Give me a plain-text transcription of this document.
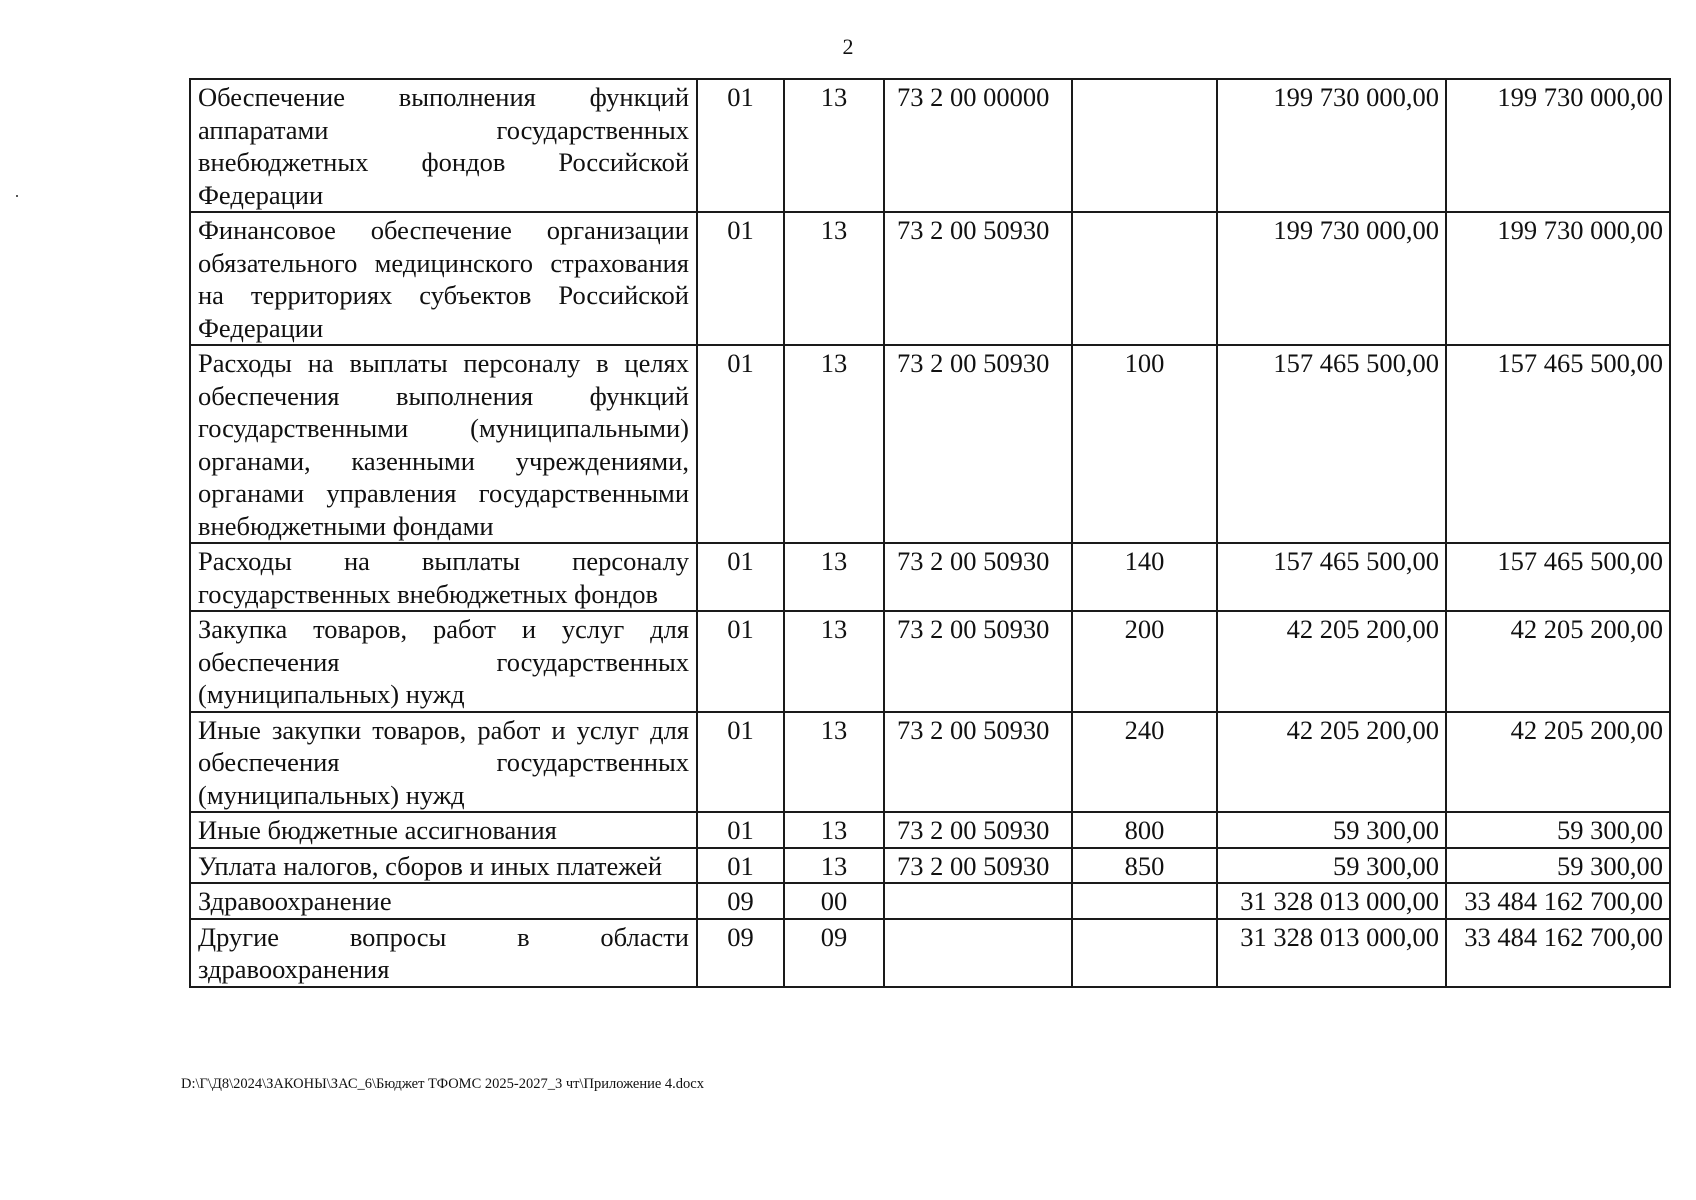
2
Обеспечение выполнения функций аппаратами государственных внебюджетных фондов Российской Федерации	01	13	73 2 00 00000		199 730 000,00	199 730 000,00
Финансовое обеспечение организации обязательного медицинского страхования на территориях субъектов Российской Федерации	01	13	73 2 00 50930		199 730 000,00	199 730 000,00
Расходы на выплаты персоналу в целях обеспечения выполнения функций государственными (муниципальными) органами, казенными учреждениями, органами управления государственными внебюджетными фондами	01	13	73 2 00 50930	100	157 465 500,00	157 465 500,00
Расходы на выплаты персоналу государственных внебюджетных фондов	01	13	73 2 00 50930	140	157 465 500,00	157 465 500,00
Закупка товаров, работ и услуг для обеспечения государственных (муниципальных) нужд	01	13	73 2 00 50930	200	42 205 200,00	42 205 200,00
Иные закупки товаров, работ и услуг для обеспечения государственных (муниципальных) нужд	01	13	73 2 00 50930	240	42 205 200,00	42 205 200,00
Иные бюджетные ассигнования	01	13	73 2 00 50930	800	59 300,00	59 300,00
Уплата налогов, сборов и иных платежей	01	13	73 2 00 50930	850	59 300,00	59 300,00
Здравоохранение	09	00			31 328 013 000,00	33 484 162 700,00
Другие вопросы в области здравоохранения	09	09			31 328 013 000,00	33 484 162 700,00
D:\Г\Д8\2024\ЗАКОНЫ\ЗАС_6\Бюджет ТФОМС 2025-2027_3 чт\Приложение 4.docx
